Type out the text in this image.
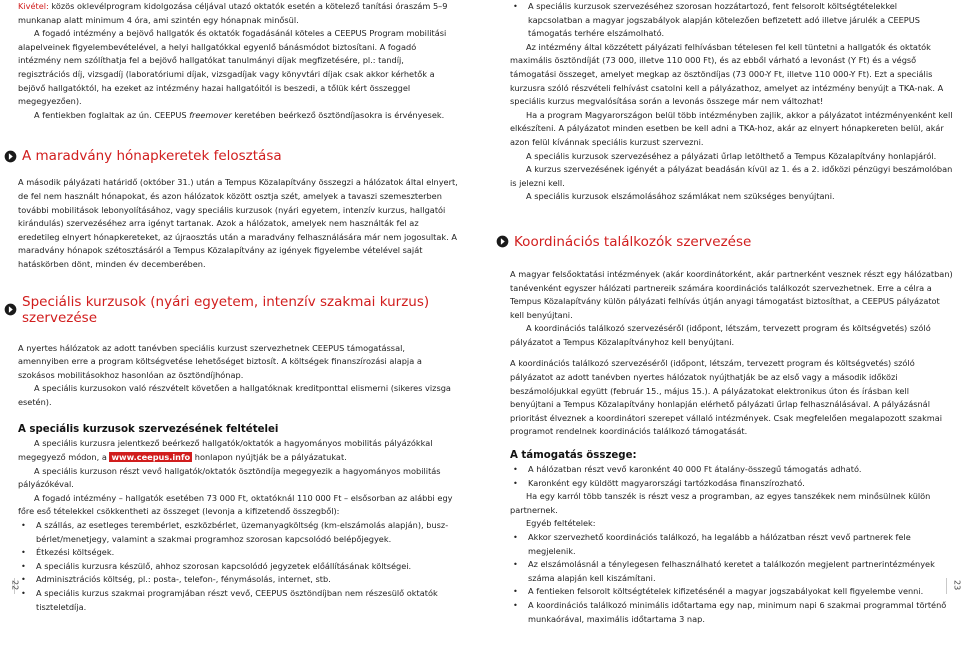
Kivétel: közös oklevélprogram kidolgozása céljával utazó oktatók esetén a kötelező tanítási óraszám 5–9 munkanap alatt minimum 4 óra, ami szintén egy hónapnak minősül.

A fogadó intézmény a bejövő hallgatók és oktatók fogadásánál köteles a CEEPUS Program mobilitási alapelveinek figyelembevételével, a helyi hallgatókkal egyenlő bánásmódot biztosítani. A fogadó intézmény nem szólíthatja fel a bejövő hallgatókat tanulmányi díjak megfizetésére, pl.: tandíj, regisztrációs díj, vizsgadíj (laboratóriumi díjak, vizsgadíjak vagy könyvtári díjak csak akkor kérhetők a bejövő hallgatóktól, ha ezeket az intézmény hazai hallgatóitól is beszedi, a tőlük kért összeggel megegyezően).

A fentiekben foglaltak az ún. CEEPUS freemover keretében beérkező ösztöndíjasokra is érvényesek.

A maradvány hónapkeretek felosztása

A második pályázati határidő (október 31.) után a Tempus Közalapítvány összegzi a hálózatok által elnyert, de fel nem használt hónapokat, és azon hálózatok között osztja szét, amelyek a tavaszi szemeszterben további mobilitások lebonyolításához, vagy speciális kurzusok (nyári egyetem, intenzív kurzus, hallgatói kirándulás) szervezéséhez arra igényt tartanak. Azok a hálózatok, amelyek nem használták fel az eredetileg elnyert hónapkereteket, az újraosztás után a maradvány felhasználására már nem jogosultak. A maradvány hónapok szétosztásáról a Tempus Közalapítvány az igények figyelembe vételével saját hatáskörben dönt, minden év decemberében.

Speciális kurzusok (nyári egyetem, intenzív szakmai kurzus) szervezése

A nyertes hálózatok az adott tanévben speciális kurzust szervezhetnek CEEPUS támogatással, amennyiben erre a program költségvetése lehetőséget biztosít. A költségek finanszírozási alapja a szokásos mobilitásokhoz hasonlóan az ösztöndíjhónap.

A speciális kurzusokon való részvételt követően a hallgatóknak kreditponttal elismerni (sikeres vizsga esetén).

A speciális kurzusok szervezésének feltételei

A speciális kurzusra jelentkező beérkező hallgatók/oktatók a hagyományos mobilitás pályázókkal megegyező módon, a www.ceepus.info honlapon nyújtják be a pályázatukat.

A speciális kurzuson részt vevő hallgatók/oktatók ösztöndíja megegyezik a hagyományos mobilitás pályázókéval.

A fogadó intézmény – hallgatók esetében 73 000 Ft, oktatóknál 110 000 Ft – elsősorban az alábbi egy főre eső tételekkel csökkentheti az összeget (levonja a kifizetendő összegből):

• A szállás, az esetleges terembérlet, eszközbérlet, üzemanyagköltség (km-elszámolás alapján), busz-bérlet/menetjegy, valamint a szakmai programhoz szorosan kapcsolódó belépőjegyek.
• Étkezési költségek.
• A speciális kurzusra készülő, ahhoz szorosan kapcsolódó jegyzetek előállításának költségei.
• Adminisztrációs költség, pl.: posta-, telefon-, fénymásolás, internet, stb.
• A speciális kurzus szakmai programjában részt vevő, CEEPUS ösztöndíjban nem részesülő oktatók tiszteletdíja.
22
• A speciális kurzusok szervezéséhez szorosan hozzátartozó, fent felsorolt költségtételekkel kapcsolatban a magyar jogszabályok alapján kötelezően befizetett adó illetve járulék a CEEPUS támogatás terhére elszámolható.

Az intézmény által közzétett pályázati felhívásban tételesen fel kell tüntetni a hallgatók és oktatók maximális ösztöndíját (73 000, illetve 110 000 Ft), és az ebből várható a levonást (Y Ft) és a végső támogatási összeget, amelyet megkap az ösztöndíjas (73 000-Y Ft, illetve 110 000-Y Ft). Ezt a speciális kurzusra szóló részvételi felhívást csatolni kell a pályázathoz, amelyet az intézmény benyújt a TKA-nak. A speciális kurzus megvalósítása során a levonás összege már nem változhat!

Ha a program Magyarországon belül több intézményben zajlik, akkor a pályázatot intézményenként kell elkészíteni. A pályázatot minden esetben be kell adni a TKA-hoz, akár az elnyert hónapkereten belül, akár azon felül kívánnak speciális kurzust szervezni.

A speciális kurzusok szervezéséhez a pályázati űrlap letölthető a Tempus Közalapítvány honlapjáról.

A kurzus szervezésének igényét a pályázat beadásán kívül az 1. és a 2. időközi pénzügyi beszámolóban is jelezni kell.

A speciális kurzusok elszámolásához számlákat nem szükséges benyújtani.

Koordinációs találkozók szervezése

A magyar felsőoktatási intézmények (akár koordinátorként, akár partnerként vesznek részt egy hálózatban) tanévenként egyszer hálózati partnereik számára koordinációs találkozót szervezhetnek. Erre a célra a Tempus Közalapítvány külön pályázati felhívás útján anyagi támogatást biztosíthat, a CEEPUS pályázatot kell benyújtani.

A koordinációs találkozó szervezéséről (időpont, létszám, tervezett program és költségvetés) szóló pályázatot a Tempus Közalapítványhoz kell benyújtani.

A koordinációs találkozó szervezéséről (időpont, létszám, tervezett program és költségvetés) szóló pályázatot az adott tanévben nyertes hálózatok nyújthatják be az első vagy a második időközi beszámolójukkal együtt (február 15., május 15.). A pályázatokat elektronikus úton és írásban kell benyújtani a Tempus Közalapítvány honlapján elérhető pályázati űrlap felhasználásával. A pályázásnál prioritást élveznek a koordinátori szerepet vállaló intézmények. Csak megfelelően megalapozott szakmai programot rendelnek koordinációs találkozó támogatását.

A támogatás összege:
• A hálózatban részt vevő karonként 40 000 Ft átalány-összegű támogatás adható.
• Karonként egy küldött magyarországi tartózkodása finanszírozható.

Ha egy karról több tanszék is részt vesz a programban, az egyes tanszékek nem minősülnek külön partnernek.

Egyéb feltételek:

• Akkor szervezhető koordinációs találkozó, ha legalább a hálózatban részt vevő partnerek fele megjelenik.
• Az elszámolásnál a ténylegesen felhasználható keretet a találkozón megjelent partnerintézmények száma alapján kell kiszámítani.
• A fentieken felsorolt költségtételek kifizetésénél a magyar jogszabályokat kell figyelembe venni.
• A koordinációs találkozó minimális időtartama egy nap, minimum napi 6 szakmai programmal történő munkaórával, maximális időtartama 3 nap.
23
